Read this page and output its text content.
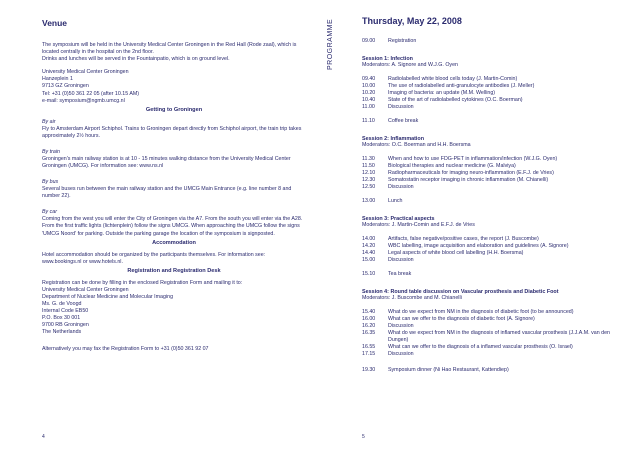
Venue
The symposium will be held in the University Medical Center Groningen in the Red Hall (Rode zaal), which is located centrally in the hospital on the 2nd floor.
Drinks and lunches will be served in the Fountainpatio, which is on ground level.
University Medical Center Groningen
Hanzeplein 1
9713 GZ Groningen
Tel: +31 (0)50 361 22 05 (after 10.15 AM)
e-mail: symposium@ngmb.umcg.nl
Getting to Groningen
By air
Fly to Amsterdam Airport Schiphol. Trains to Groningen depart directly from Schiphol airport, the train trip takes approximately 2½ hours.
By train
Groningen's main railway station is at 10 - 15 minutes walking distance from the University Medical Center Groningen (UMCG). For information see: www.ns.nl
By bus
Several buses run between the main railway station and the UMCG Main Entrance (e.g. line number 8 and number 22).
By car
Coming from the west you will enter the City of Groningen via the A7. From the south you will enter via the A28. From the first traffic lights (lichtenplein) follow the signs UMCG. When approaching the UMCG follow the signs 'UMCG Noord' for parking. Outside the parking garage the location of the symposium is signposted.
Accommodation
Hotel accommodation should be organized by the participants themselves. For information see: www.bookings.nl or www.hotels.nl.
Registration and Registration Desk
Registration can be done by filling in the enclosed Registration Form and mailing it to:
University Medical Center Groningen
Department of Nuclear Medicine and Molecular Imaging
Ms. G. de Voogd
Internal Code EB50
P.O. Box 30 001
9700 RB Groningen
The Netherlands
Alternatively you may fax the Registration Form to +31 (0)50 361 92 07
4
PROGRAMME	Thursday, May 22, 2008
09.00	Registration
Session 1: Infection
Moderators: A. Signore and W.J.G. Oyen
09.40	Radiolabelled white blood cells today (J. Martin-Comin)
10.00	The use of radiolabelled anti-granulocyte antibodies (J. Meller)
10.20	Imaging of bacteria: an update (M.M. Welling)
10.40	State of the art of radiolabelled cytokines (O.C. Boerman)
11.00	Discussion
11.10	Coffee break
Session 2: Inflammation
Moderators: O.C. Boerman and H.H. Boersma
11.30	When and how to use FDG-PET in inflammation/infection (W.J.G. Oyen)
11.50	Biological therapies and nuclear medicine (G. Malviya)
12.10	Radiopharmaceuticals for imaging neuro-inflammation (E.F.J. de Vries)
12.30	Somatostatin receptor imaging in chronic inflammation (M. Chianelli)
12.50	Discussion
13.00	Lunch
Session 3: Practical aspects
Moderators: J. Martin-Comin and E.F.J. de Vries
14.00	Artifacts, false negative/positive cases, the report (J. Buscombe)
14.20	WBC labelling, image acquisition and elaboration and guidelines (A. Signore)
14.40	Legal aspects of white blood cell labelling (H.H. Boersma)
15.00	Discussion
15.10	Tea break
Session 4: Round table discussion on Vascular prosthesis and Diabetic Foot
Moderators: J. Buscombe and M. Chianelli
15.40	What do we expect from NM in the diagnosis of diabetic foot (to be announced)
16.00	What can we offer to the diagnosis of diabetic foot (A. Signore)
16.20	Discussion
16.35	What do we expect from NM in the diagnosis of inflamed vascular prosthesis (J.J.A.M. van den Dungen)
16.55	What can we offer to the diagnosis of a inflamed vascular prosthesis (O. Israel)
17.15	Discussion
19.30	Symposium dinner (Ni Hao Restaurant, Kattendiep)
5
